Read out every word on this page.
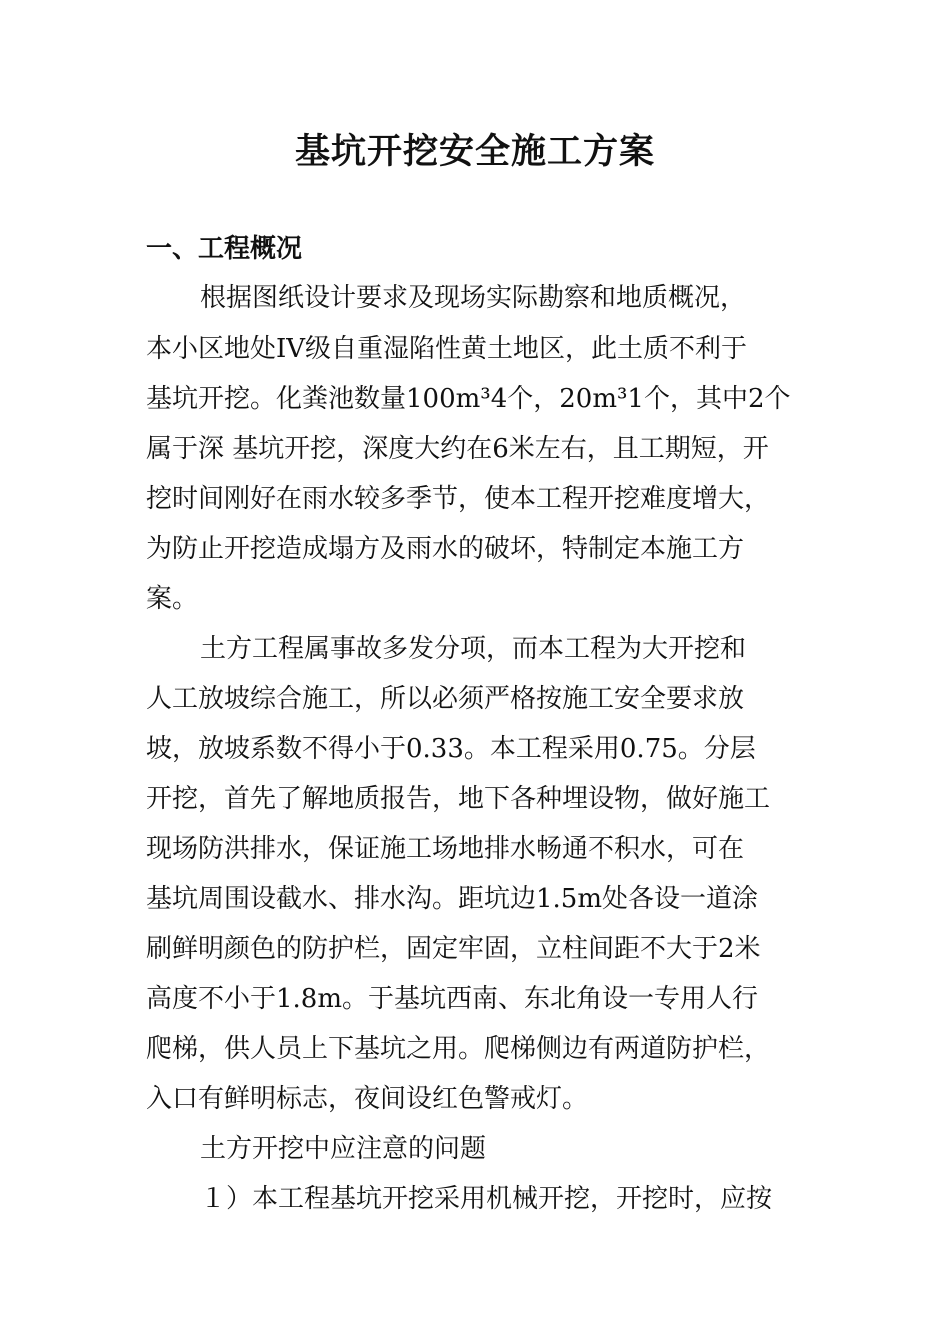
基坑开挖安全施工方案
一、工程概况
根据图纸设计要求及现场实际勘察和地质概况，
本小区地处IV级自重湿陷性黄土地区，此土质不利于
基坑开挖。化粪池数量100m³4个，20m³1个，其中2个
属于深 基坑开挖，深度大约在6米左右，且工期短，开
挖时间刚好在雨水较多季节，使本工程开挖难度增大，
为防止开挖造成塌方及雨水的破坏，特制定本施工方
案。
土方工程属事故多发分项，而本工程为大开挖和
人工放坡综合施工，所以必须严格按施工安全要求放
坡，放坡系数不得小于0.33。本工程采用0.75。分层
开挖，首先了解地质报告，地下各种埋设物，做好施工
现场防洪排水，保证施工场地排水畅通不积水，可在
基坑周围设截水、排水沟。距坑边1.5m处各设一道涂
刷鲜明颜色的防护栏，固定牢固，立柱间距不大于2米
高度不小于1.8m。于基坑西南、东北角设一专用人行
爬梯，供人员上下基坑之用。爬梯侧边有两道防护栏，
入口有鲜明标志，夜间设红色警戒灯。
土方开挖中应注意的问题
１）本工程基坑开挖采用机械开挖，开挖时，应按
